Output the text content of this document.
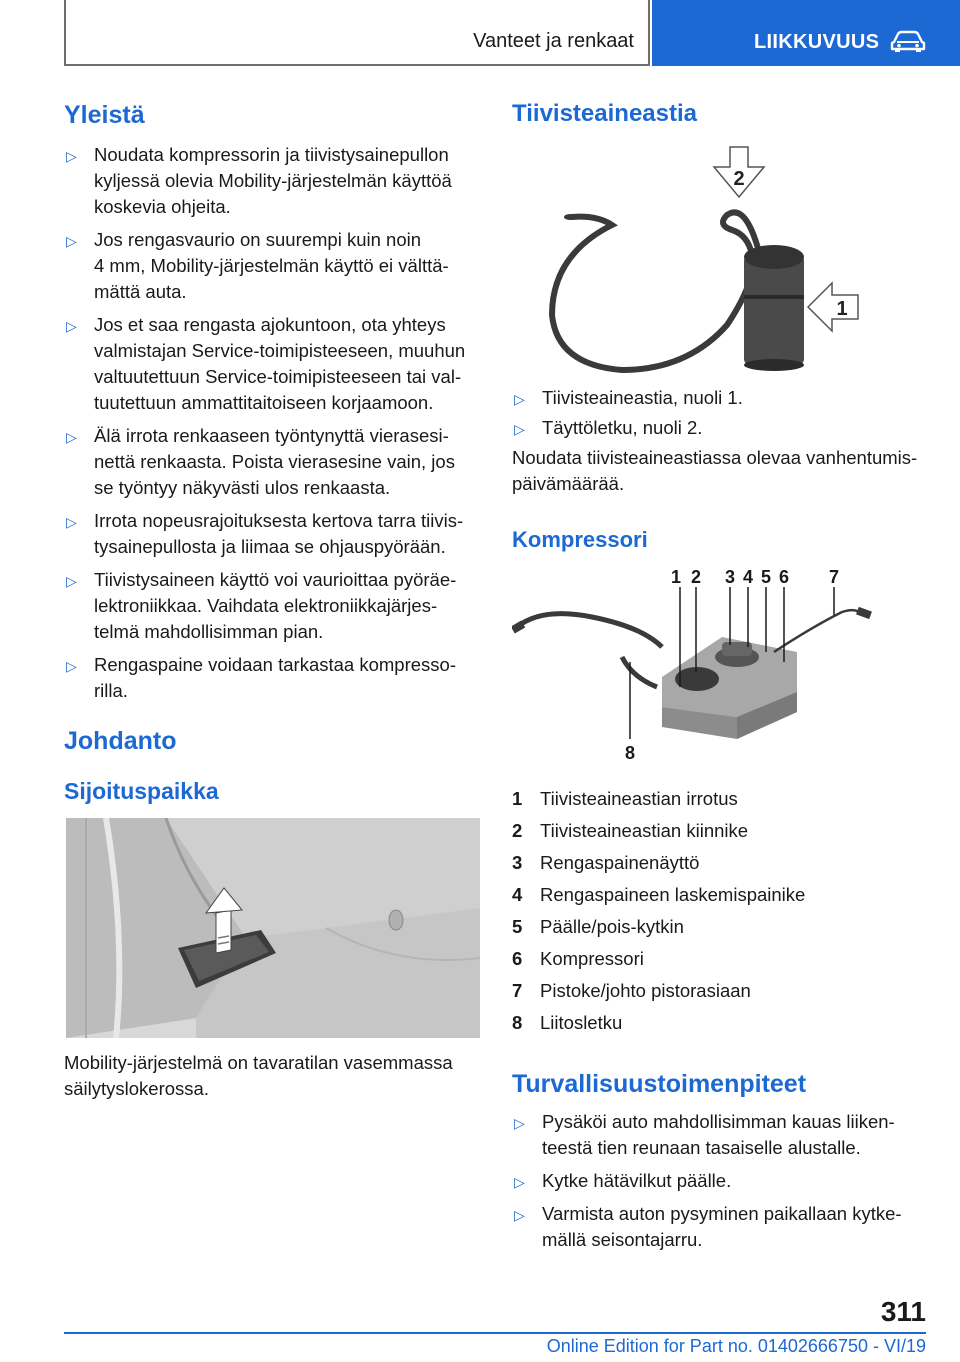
Vanteet ja renkaat	LIIKKUVUUS
Yleistä
▷ Noudata kompressorin ja tiivistysainepullon
kyljessä olevia Mobility-järjestelmän käyttöä
koskevia ohjeita.
▷ Jos rengasvaurio on suurempi kuin noin
4 mm, Mobility-järjestelmän käyttö ei välttä-
mättä auta.
▷ Jos et saa rengasta ajokuntoon, ota yhteys
valmistajan Service-toimipisteeseen, muuhun
valtuutettuun Service-toimipisteeseen tai val-
tuutettuun ammattitaitoiseen korjaamoon.
▷ Älä irrota renkaaseen työntynyttä vierasesi-
nettä renkaasta. Poista vierasesine vain, jos
se työntyy näkyvästi ulos renkaasta.
▷ Irrota nopeusrajoituksesta kertova tarra tiivis-
tysainepullosta ja liimaa se ohjauspyörään.
▷ Tiivistysaineen käyttö voi vaurioittaa pyöräe-
lektroniikkaa. Vaihdata elektroniikkajärjes-
telmä mahdollisimman pian.
▷ Rengaspaine voidaan tarkastaa kompresso-
rilla.
Johdanto
Sijoituspaikka

Mobility-järjestelmä on tavaratilan vasemmassa
säilytyslokerossa.

Tiivisteaineastia
2
1
▷ Tiivisteaineastia, nuoli 1.
▷ Täyttöletku, nuoli 2.

Noudata tiivisteaineastiassa olevaa vanhentumis-
päivämäärää.

Kompressori
1 2 3 4 5 6 7
8
1 Tiivisteaineastian irrotus
2 Tiivisteaineastian kiinnike
3 Rengaspainenäyttö
4 Rengaspaineen laskemispainike
5 Päälle/pois-kytkin
6 Kompressori
7 Pistoke/johto pistorasiaan
8 Liitosletku
Turvallisuustoimenpiteet
▷ Pysäköi auto mahdollisimman kauas liiken-
teestä tien reunaan tasaiselle alustalle.
▷ Kytke hätävilkut päälle.
▷ Varmista auton pysyminen paikallaan kytke-
mällä seisontajarru.
311
Online Edition for Part no. 01402666750 - VI/19
